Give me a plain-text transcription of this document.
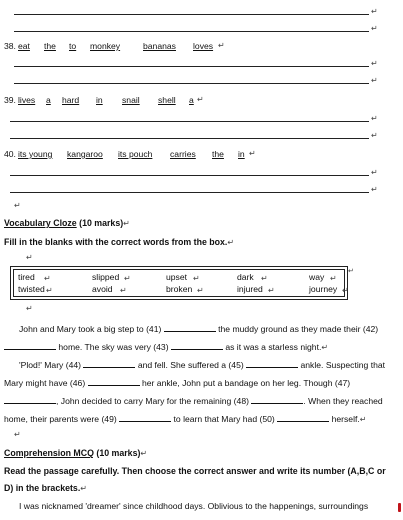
↵
↵
38. eat the to monkey	bananas loves ↵
↵
↵
39. lives a hard in snail shell a ↵
↵
↵
40. its young kangaroo its pouch carries the in ↵
↵
↵
↵
Vocabulary Cloze (10 marks)↵
Fill in the blanks with the correct words from the box.↵
↵
↵
tired	slipped	upset	dark	way
twisted	avoid	broken	injured	journey
↵	↵	↵	↵	↵
↵	↵	↵	↵	↵
↵
John and Mary took a big step to (41)	the muddy ground as they made their (42)
home. The sky was very (43)	as it was a starless night.↵
'Plod!' Mary (44)	and fell. She suffered a (45)	ankle. Suspecting that
Mary might have (46)	her ankle, John put a bandage on her leg. Though (47)
, John decided to carry Mary for the remaining (48)	. When they reached
home, their parents were (49)	to learn that Mary had (50)	herself.↵
↵
Comprehension MCQ (10 marks)↵
Read the passage carefully. Then choose the correct answer and write its number (A,B,C or
D) in the brackets.↵
I was nicknamed 'dreamer' since childhood days. Oblivious to the happenings, surroundings
